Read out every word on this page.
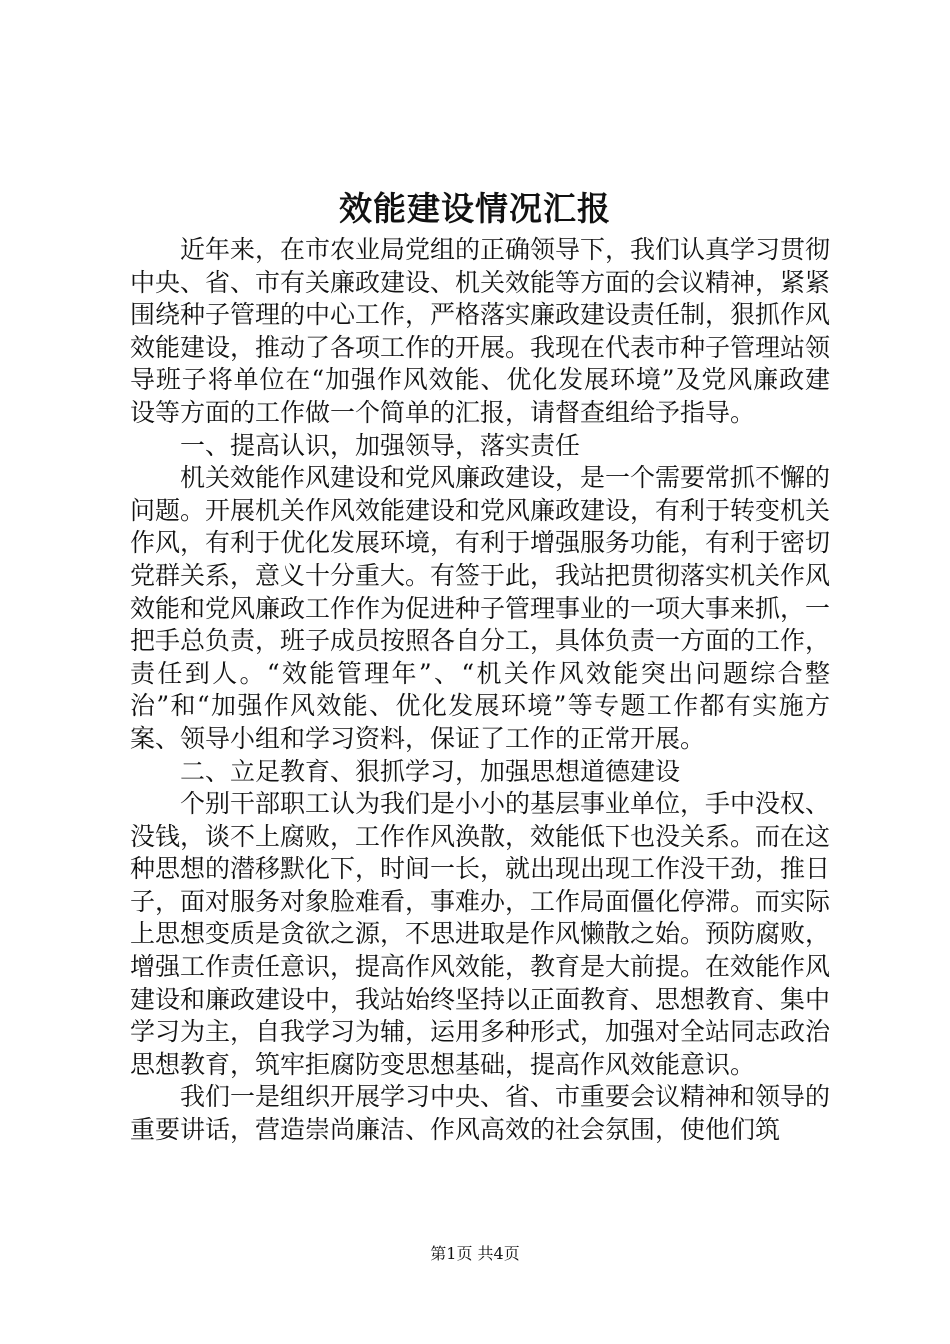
效能建设情况汇报

近年来，在市农业局党组的正确领导下，我们认真学习贯彻中央、省、市有关廉政建设、机关效能等方面的会议精神，紧紧围绕种子管理的中心工作，严格落实廉政建设责任制，狠抓作风效能建设，推动了各项工作的开展。我现在代表市种子管理站领导班子将单位在“加强作风效能、优化发展环境”及党风廉政建设等方面的工作做一个简单的汇报，请督查组给予指导。

一、提高认识，加强领导，落实责任

机关效能作风建设和党风廉政建设，是一个需要常抓不懈的问题。开展机关作风效能建设和党风廉政建设，有利于转变机关作风，有利于优化发展环境，有利于增强服务功能，有利于密切党群关系，意义十分重大。有签于此，我站把贯彻落实机关作风效能和党风廉政工作作为促进种子管理事业的一项大事来抓，一把手总负责，班子成员按照各自分工，具体负责一方面的工作，责任到人。“效能管理年”、“机关作风效能突出问题综合整治”和“加强作风效能、优化发展环境”等专题工作都有实施方案、领导小组和学习资料，保证了工作的正常开展。

二、立足教育、狠抓学习，加强思想道德建设

个别干部职工认为我们是小小的基层事业单位，手中没权、没钱，谈不上腐败，工作作风涣散，效能低下也没关系。而在这种思想的潜移默化下，时间一长，就出现出现工作没干劲，推日子，面对服务对象脸难看，事难办，工作局面僵化停滞。而实际上思想变质是贪欲之源，不思进取是作风懒散之始。预防腐败，增强工作责任意识，提高作风效能，教育是大前提。在效能作风建设和廉政建设中，我站始终坚持以正面教育、思想教育、集中学习为主，自我学习为辅，运用多种形式，加强对全站同志政治思想教育，筑牢拒腐防变思想基础，提高作风效能意识。

我们一是组织开展学习中央、省、市重要会议精神和领导的重要讲话，营造崇尚廉洁、作风高效的社会氛围，使他们筑

第1页 共4页
